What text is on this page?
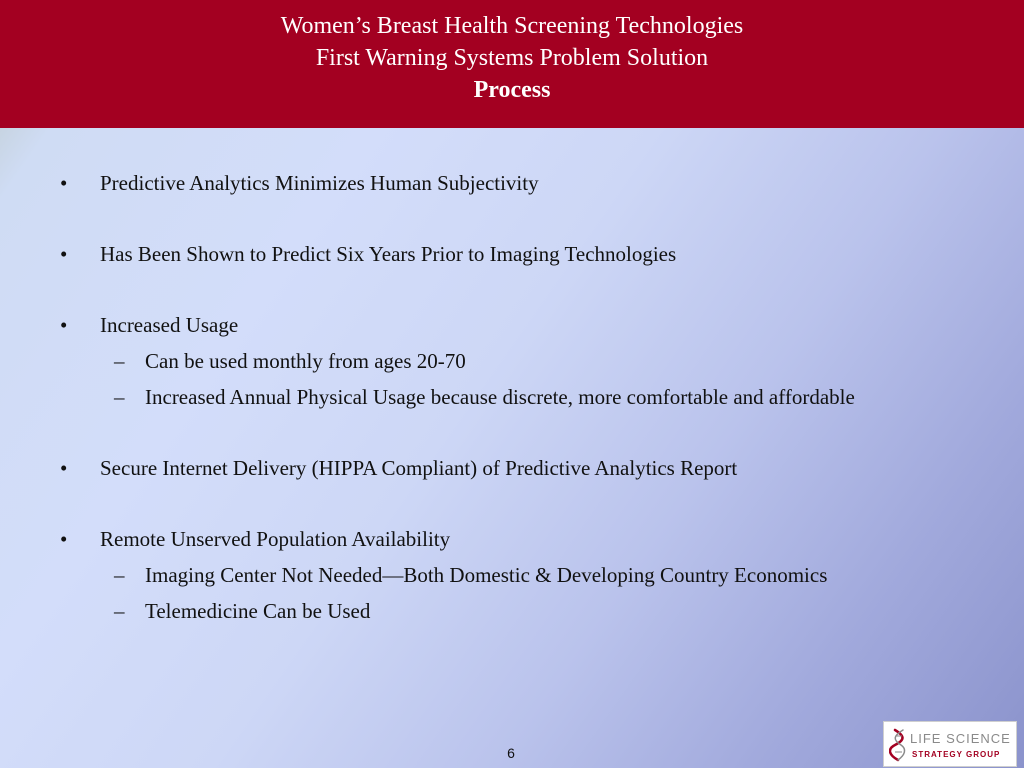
Women’s Breast Health Screening Technologies
First Warning Systems Problem Solution
Process
• Predictive Analytics Minimizes Human Subjectivity
• Has Been Shown to Predict Six Years Prior to Imaging Technologies
• Increased Usage
– Can be used monthly from ages 20-70
– Increased Annual Physical Usage because discrete, more comfortable and affordable
• Secure Internet Delivery (HIPPA Compliant) of Predictive Analytics Report
• Remote Unserved Population Availability
– Imaging Center Not Needed—Both Domestic & Developing Country Economics
– Telemedicine Can be Used
6
LIFE SCIENCE
STRATEGY GROUP
